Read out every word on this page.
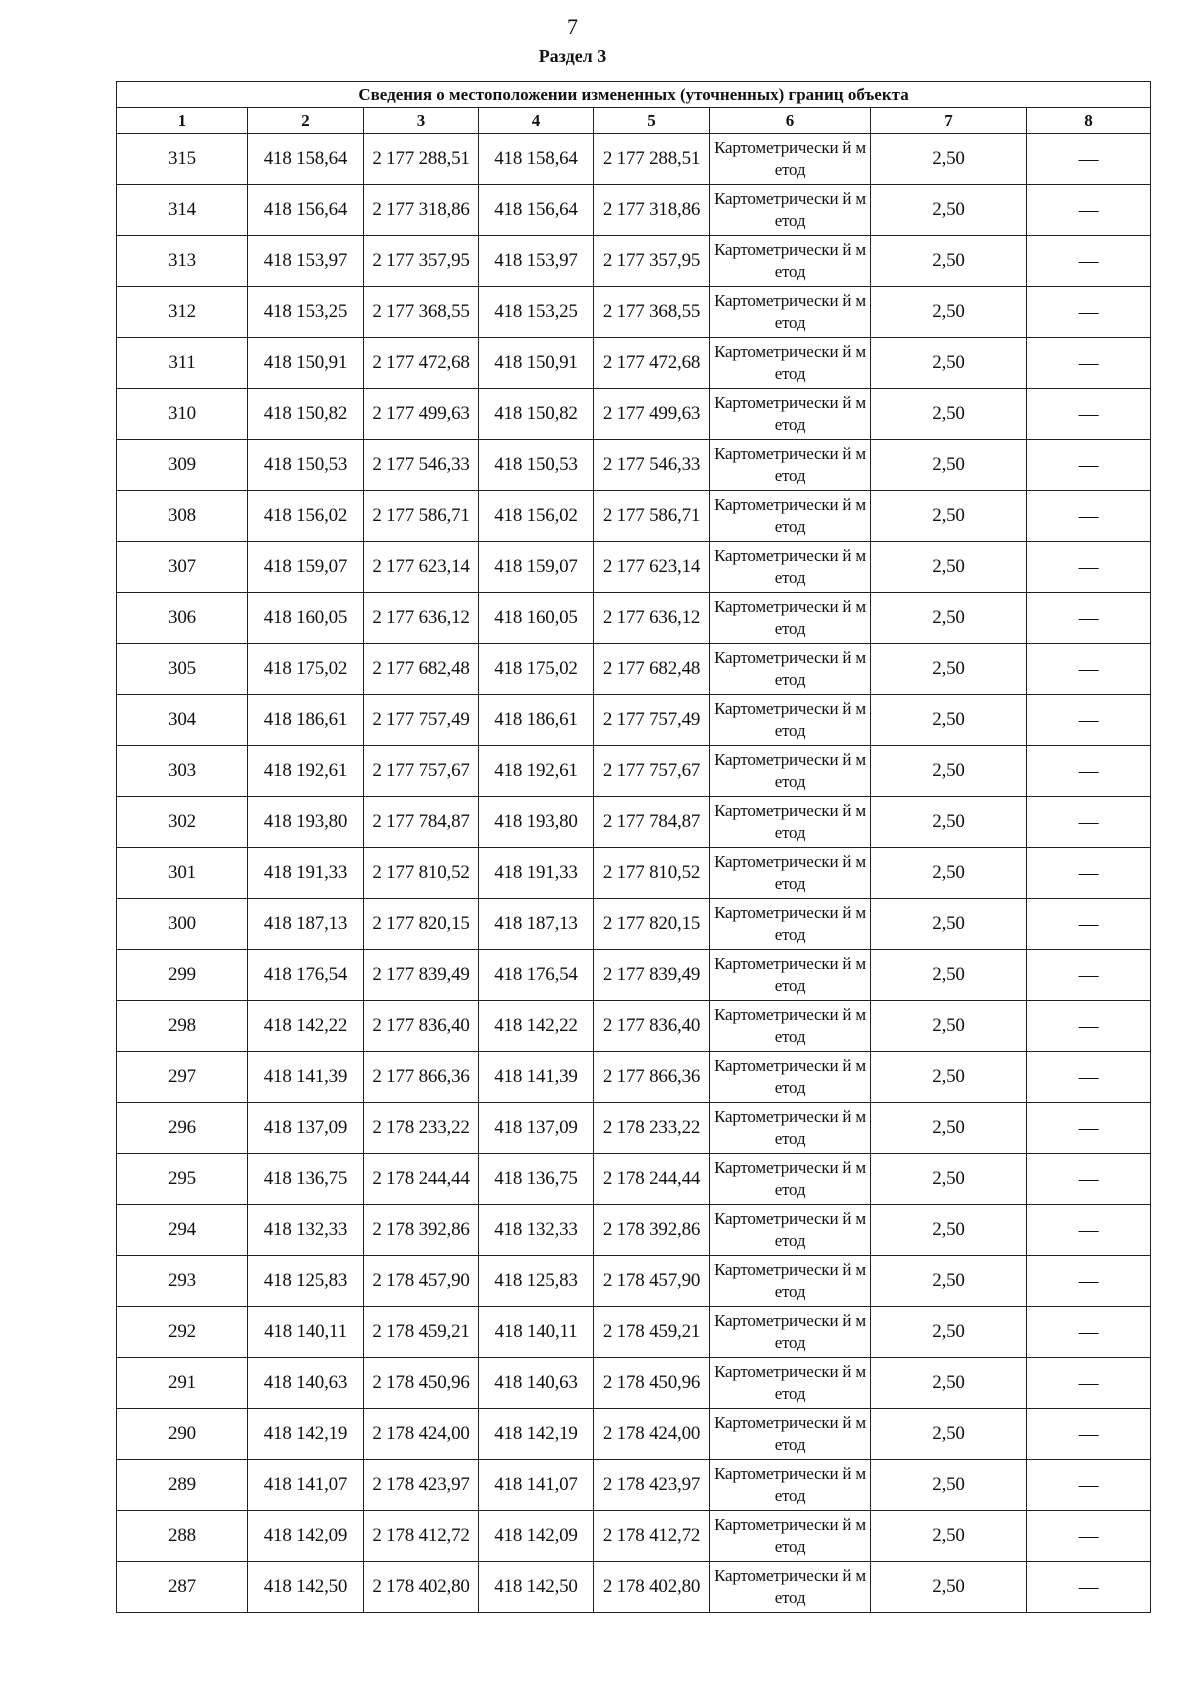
7
Раздел 3
Сведения о местоположении измененных (уточненных) границ объекта							
1	2	3	4	5	6	7	8
315	418 158,64	2 177 288,51	418 158,64	2 177 288,51	Картометрически й метод	2,50	—
314	418 156,64	2 177 318,86	418 156,64	2 177 318,86	Картометрически й метод	2,50	—
313	418 153,97	2 177 357,95	418 153,97	2 177 357,95	Картометрически й метод	2,50	—
312	418 153,25	2 177 368,55	418 153,25	2 177 368,55	Картометрически й метод	2,50	—
311	418 150,91	2 177 472,68	418 150,91	2 177 472,68	Картометрически й метод	2,50	—
310	418 150,82	2 177 499,63	418 150,82	2 177 499,63	Картометрически й метод	2,50	—
309	418 150,53	2 177 546,33	418 150,53	2 177 546,33	Картометрически й метод	2,50	—
308	418 156,02	2 177 586,71	418 156,02	2 177 586,71	Картометрически й метод	2,50	—
307	418 159,07	2 177 623,14	418 159,07	2 177 623,14	Картометрически й метод	2,50	—
306	418 160,05	2 177 636,12	418 160,05	2 177 636,12	Картометрически й метод	2,50	—
305	418 175,02	2 177 682,48	418 175,02	2 177 682,48	Картометрически й метод	2,50	—
304	418 186,61	2 177 757,49	418 186,61	2 177 757,49	Картометрически й метод	2,50	—
303	418 192,61	2 177 757,67	418 192,61	2 177 757,67	Картометрически й метод	2,50	—
302	418 193,80	2 177 784,87	418 193,80	2 177 784,87	Картометрически й метод	2,50	—
301	418 191,33	2 177 810,52	418 191,33	2 177 810,52	Картометрически й метод	2,50	—
300	418 187,13	2 177 820,15	418 187,13	2 177 820,15	Картометрически й метод	2,50	—
299	418 176,54	2 177 839,49	418 176,54	2 177 839,49	Картометрически й метод	2,50	—
298	418 142,22	2 177 836,40	418 142,22	2 177 836,40	Картометрически й метод	2,50	—
297	418 141,39	2 177 866,36	418 141,39	2 177 866,36	Картометрически й метод	2,50	—
296	418 137,09	2 178 233,22	418 137,09	2 178 233,22	Картометрически й метод	2,50	—
295	418 136,75	2 178 244,44	418 136,75	2 178 244,44	Картометрически й метод	2,50	—
294	418 132,33	2 178 392,86	418 132,33	2 178 392,86	Картометрически й метод	2,50	—
293	418 125,83	2 178 457,90	418 125,83	2 178 457,90	Картометрически й метод	2,50	—
292	418 140,11	2 178 459,21	418 140,11	2 178 459,21	Картометрически й метод	2,50	—
291	418 140,63	2 178 450,96	418 140,63	2 178 450,96	Картометрически й метод	2,50	—
290	418 142,19	2 178 424,00	418 142,19	2 178 424,00	Картометрически й метод	2,50	—
289	418 141,07	2 178 423,97	418 141,07	2 178 423,97	Картометрически й метод	2,50	—
288	418 142,09	2 178 412,72	418 142,09	2 178 412,72	Картометрически й метод	2,50	—
287	418 142,50	2 178 402,80	418 142,50	2 178 402,80	Картометрически й метод	2,50	—
